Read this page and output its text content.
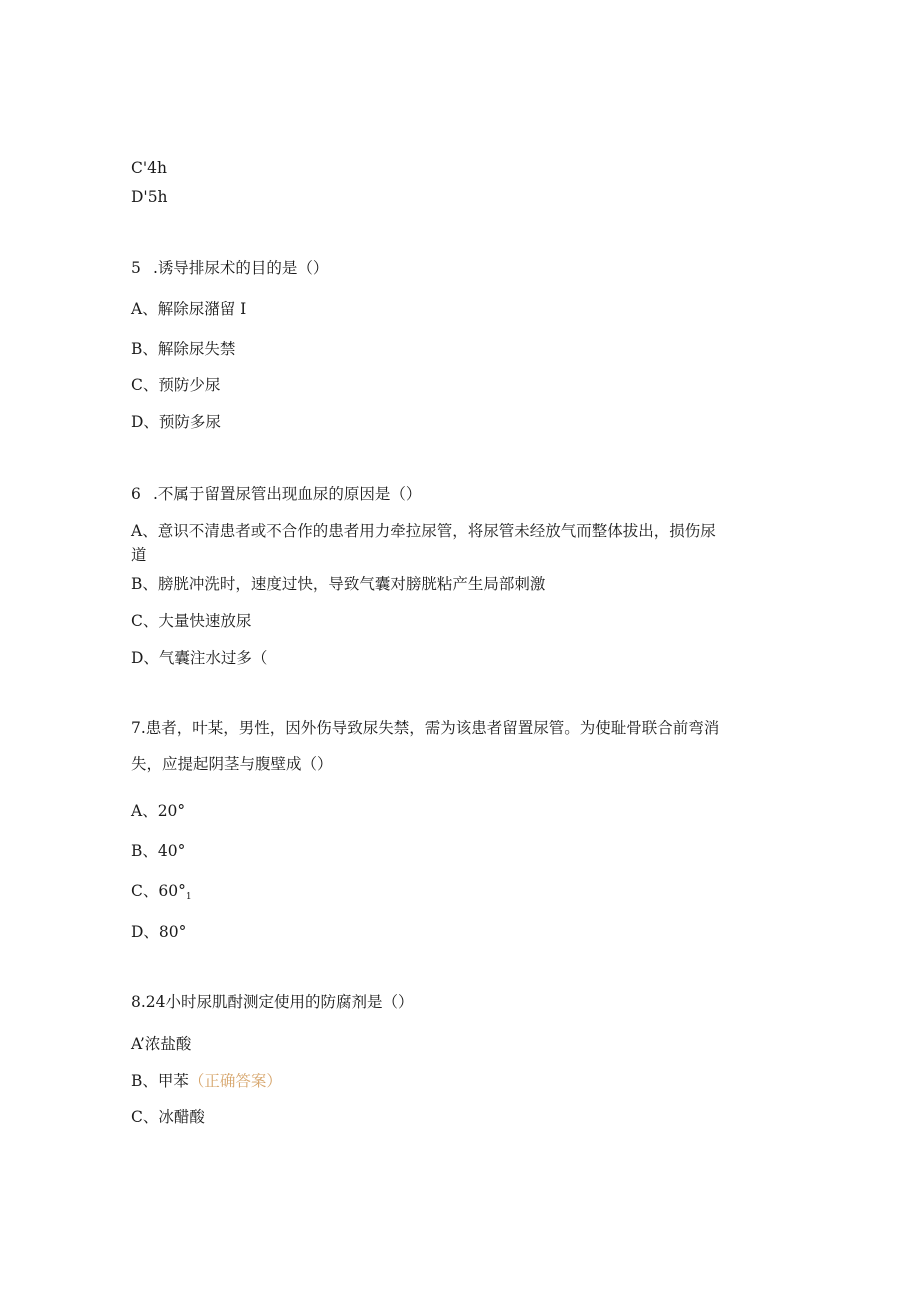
C'4h
D'5h
5 .诱导排尿术的目的是（）
A、解除尿潴留 I
B、解除尿失禁
C、预防少尿
D、预防多尿
6 .不属于留置尿管出现血尿的原因是（）
A、意识不清患者或不合作的患者用力牵拉尿管，将尿管未经放气而整体拔出，损伤尿
道
B、膀胱冲洗时，速度过快，导致气囊对膀胱粘产生局部刺激
C、大量快速放尿
D、气囊注水过多（
7.患者，叶某，男性，因外伤导致尿失禁，需为该患者留置尿管。为使耻骨联合前弯消
失，应提起阴茎与腹壁成（）
A、20°
B、40°
C、$60^\circ_1$
D、80°
8.24小时尿肌酎测定使用的防腐剂是（）
A’浓盐酸
B、甲苯（正确答案）
C、冰醋酸
